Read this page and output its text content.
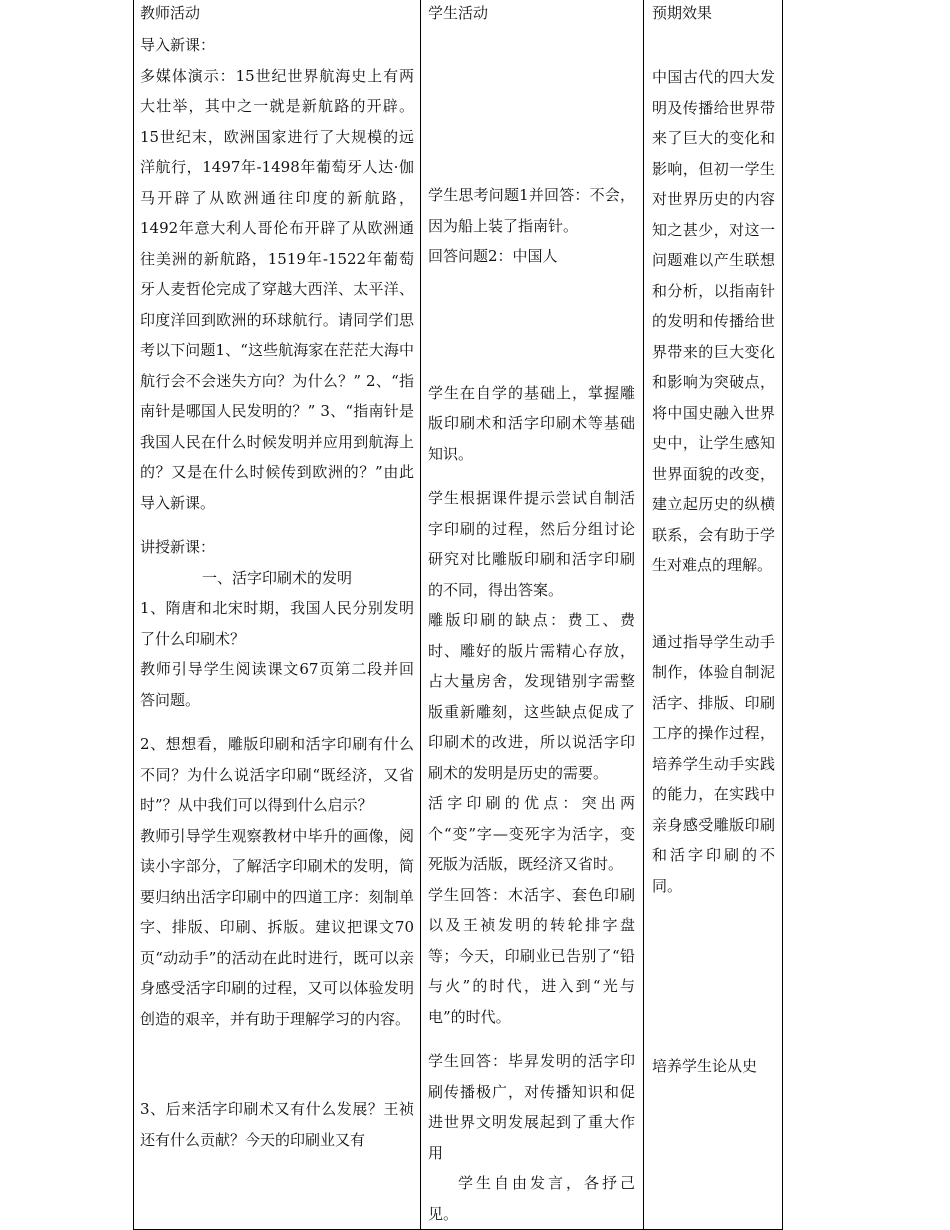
教师活动

导入新课：

多媒体演示：15世纪世界航海史上有两大壮举，其中之一就是新航路的开辟。15世纪末，欧洲国家进行了大规模的远洋航行，1497年-1498年葡萄牙人达·伽马开辟了从欧洲通往印度的新航路，1492年意大利人哥伦布开辟了从欧洲通往美洲的新航路，1519年-1522年葡萄牙人麦哲伦完成了穿越大西洋、太平洋、印度洋回到欧洲的环球航行。请同学们思考以下问题1、“这些航海家在茫茫大海中航行会不会迷失方向？为什么？” 2、“指南针是哪国人民发明的？” 3、“指南针是我国人民在什么时候发明并应用到航海上的？又是在什么时候传到欧洲的？”由此导入新课。

讲授新课：

一、活字印刷术的发明

1、隋唐和北宋时期，我国人民分别发明了什么印刷术？

教师引导学生阅读课文67页第二段并回答问题。

2、想想看，雕版印刷和活字印刷有什么不同？为什么说活字印刷“既经济，又省时”？从中我们可以得到什么启示？

教师引导学生观察教材中毕升的画像，阅读小字部分，了解活字印刷术的发明，简要归纳出活字印刷中的四道工序：刻制单字、排版、印刷、拆版。建议把课文70页“动动手”的活动在此时进行，既可以亲身感受活字印刷的过程，又可以体验发明创造的艰辛，并有助于理解学习的内容。

3、后来活字印刷术又有什么发展？王祯还有什么贡献？今天的印刷业又有

学生活动

学生思考问题1并回答：不会，因为船上装了指南针。

回答问题2：中国人

学生在自学的基础上，掌握雕版印刷术和活字印刷术等基础知识。

学生根据课件提示尝试自制活字印刷的过程，然后分组讨论研究对比雕版印刷和活字印刷的不同，得出答案。

雕版印刷的缺点：费工、费时、雕好的版片需精心存放，占大量房舍，发现错别字需整版重新雕刻，这些缺点促成了印刷术的改进，所以说活字印刷术的发明是历史的需要。

活字印刷的优点：突出两个“变”字—变死字为活字，变死版为活版，既经济又省时。

学生回答：木活字、套色印刷以及王祯发明的转轮排字盘等；今天，印刷业已告别了“铅与火”的时代，进入到“光与电”的时代。

学生回答：毕昇发明的活字印刷传播极广，对传播知识和促进世界文明发展起到了重大作用

学生自由发言，各抒己见。

预期效果

中国古代的四大发明及传播给世界带来了巨大的变化和影响，但初一学生对世界历史的内容知之甚少，对这一问题难以产生联想和分析，以指南针的发明和传播给世界带来的巨大变化和影响为突破点，将中国史融入世界史中，让学生感知世界面貌的改变，建立起历史的纵横联系，会有助于学生对难点的理解。

通过指导学生动手制作，体验自制泥活字、排版、印刷工序的操作过程，培养学生动手实践的能力，在实践中亲身感受雕版印刷和活字印刷的不同。

培养学生论从史
